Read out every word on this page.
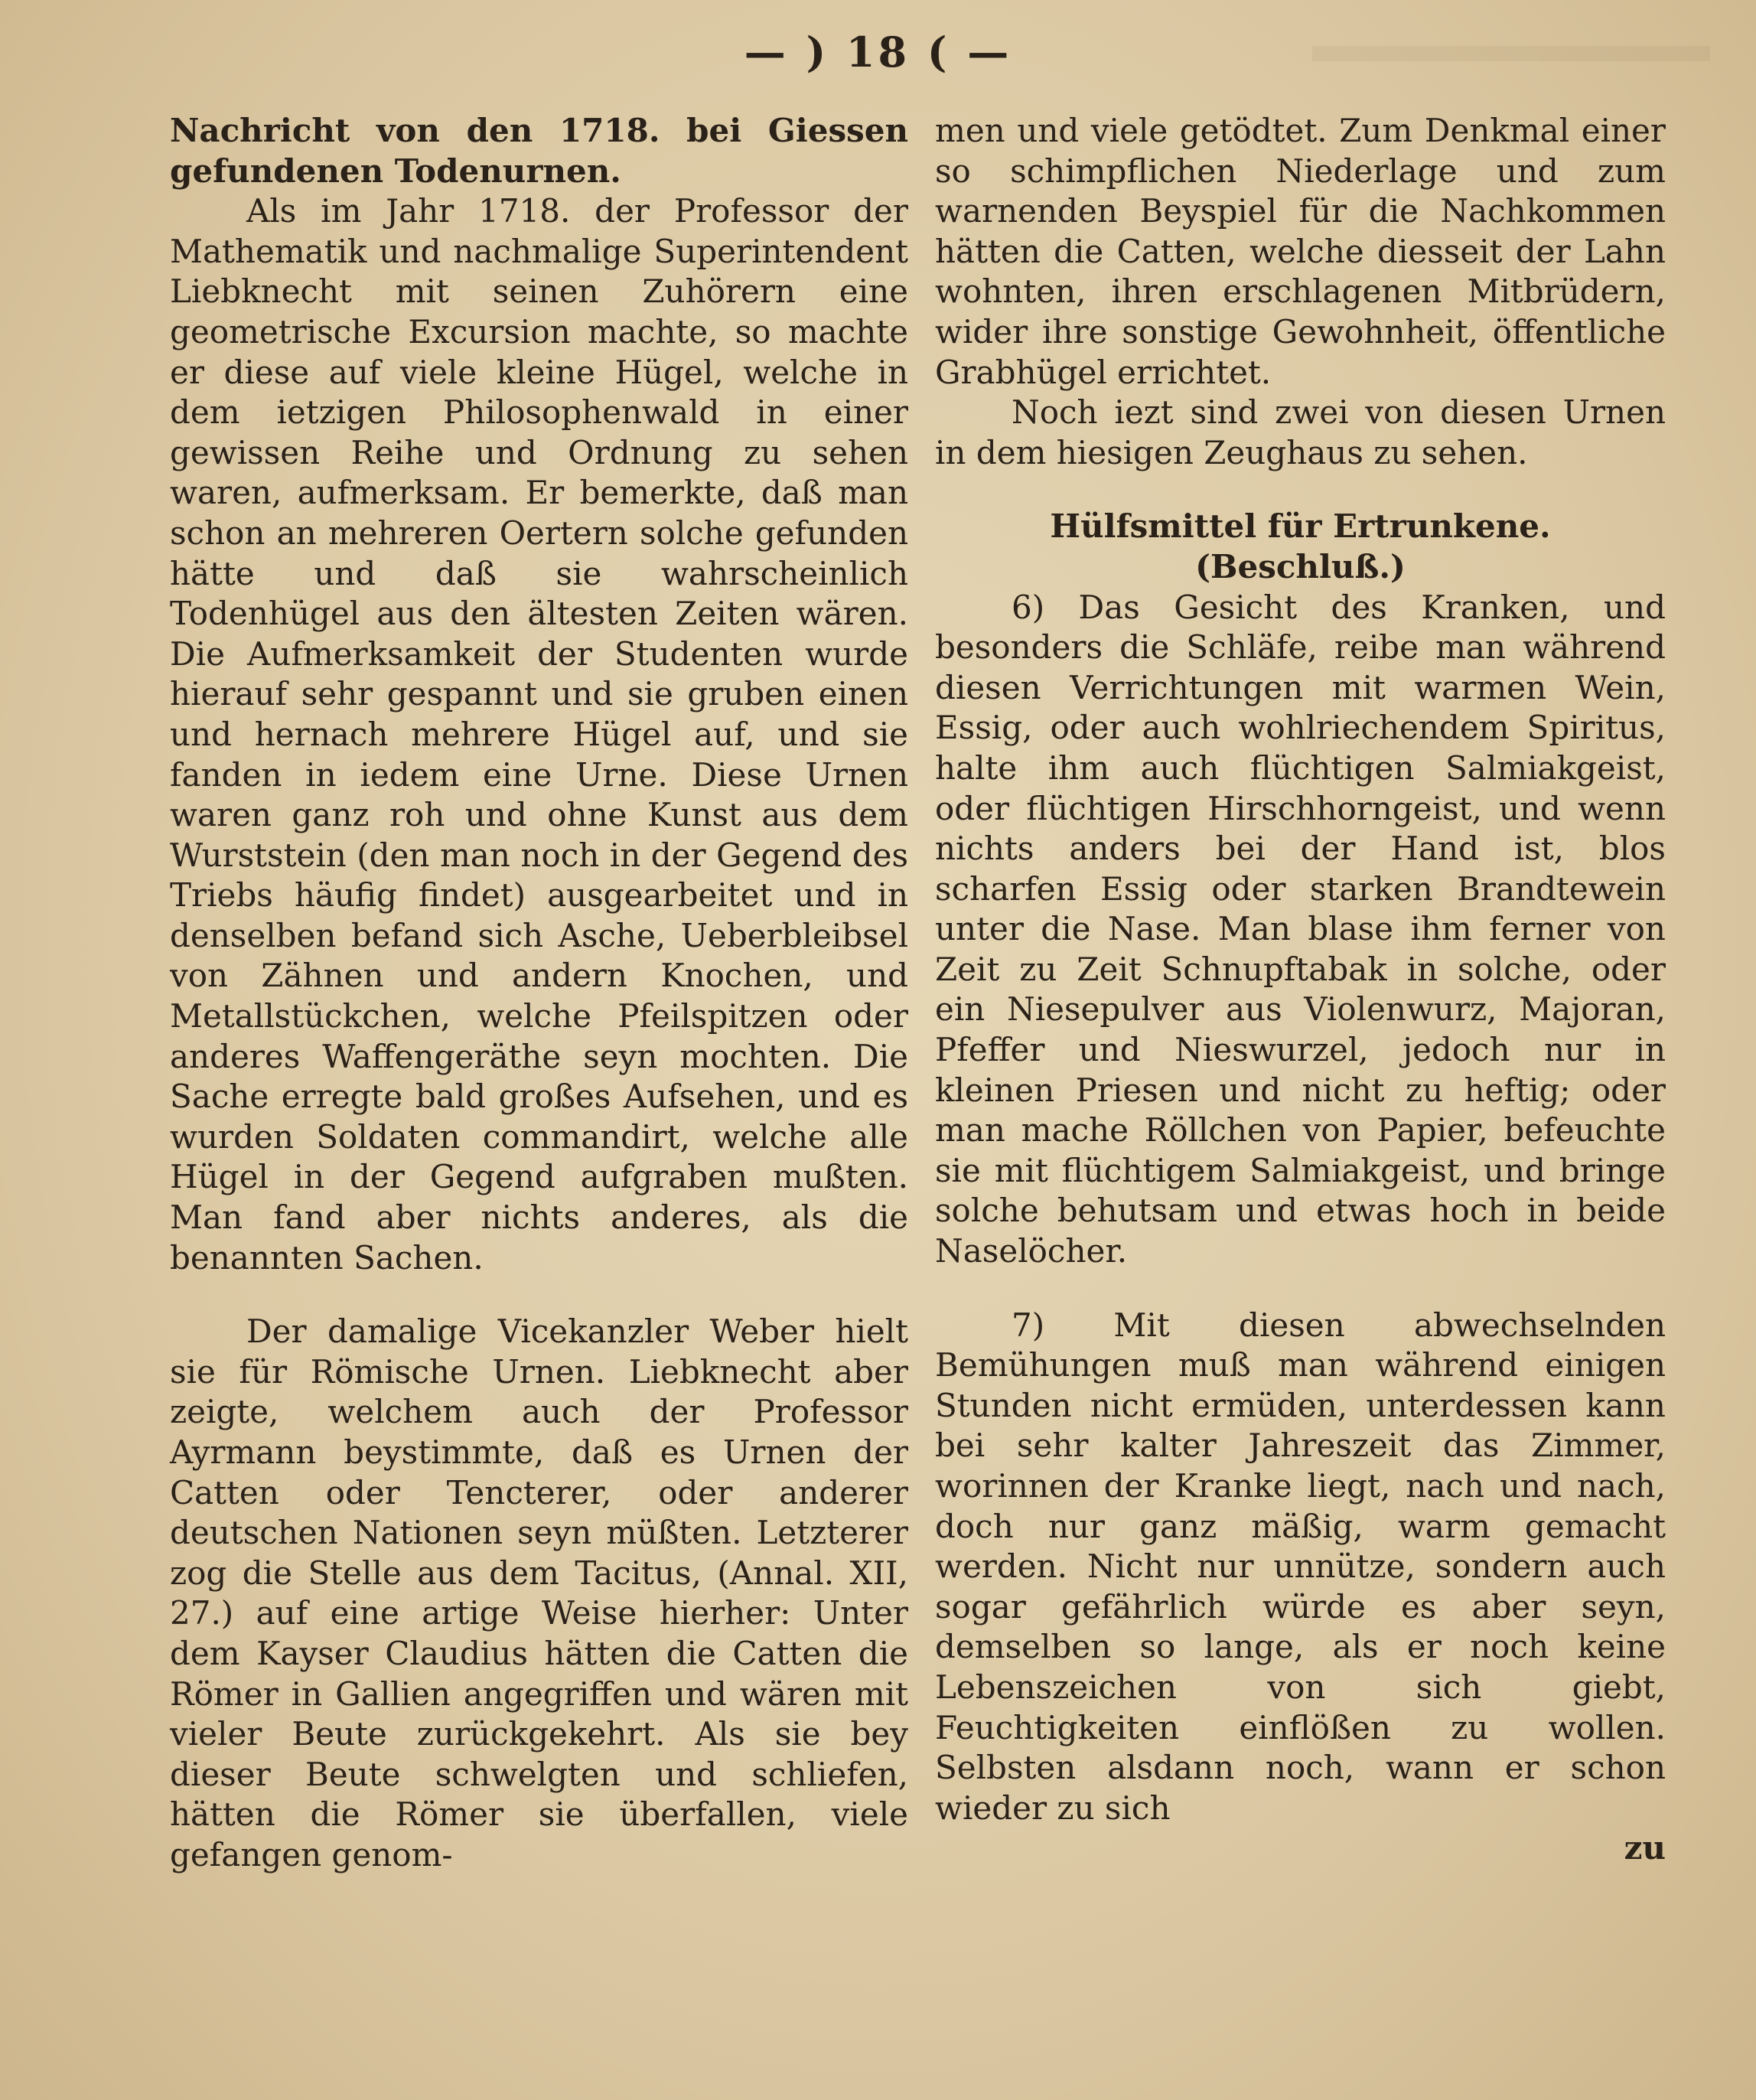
— ) 18 ( —

Nachricht von den 1718. bei Giessen gefundenen Todenurnen.

Als im Jahr 1718. der Professor der Mathematik und nachmalige Superintendent Liebknecht mit seinen Zuhörern eine geometrische Excursion machte, so machte er diese auf viele kleine Hügel, welche in dem ietzigen Philosophenwald in einer gewissen Reihe und Ordnung zu sehen waren, aufmerksam. Er bemerkte, daß man schon an mehreren Oertern solche gefunden hätte und daß sie wahrscheinlich Todenhügel aus den ältesten Zeiten wären. Die Aufmerksamkeit der Studenten wurde hierauf sehr gespannt und sie gruben einen und hernach mehrere Hügel auf, und sie fanden in iedem eine Urne. Diese Urnen waren ganz roh und ohne Kunst aus dem Wurststein (den man noch in der Gegend des Triebs häufig findet) ausgearbeitet und in denselben befand sich Asche, Ueberbleibsel von Zähnen und andern Knochen, und Metallstückchen, welche Pfeilspitzen oder anderes Waffengeräthe seyn mochten. Die Sache erregte bald großes Aufsehen, und es wurden Soldaten commandirt, welche alle Hügel in der Gegend aufgraben mußten. Man fand aber nichts anderes, als die benannten Sachen.

Der damalige Vicekanzler Weber hielt sie für Römische Urnen. Liebknecht aber zeigte, welchem auch der Professor Ayrmann beystimmte, daß es Urnen der Catten oder Tencterer, oder anderer deutschen Nationen seyn müßten. Letzterer zog die Stelle aus dem Tacitus, (Annal. XII, 27.) auf eine artige Weise hierher: Unter dem Kayser Claudius hätten die Catten die Römer in Gallien angegriffen und wären mit vieler Beute zurückgekehrt. Als sie bey dieser Beute schwelgten und schliefen, hätten die Römer sie überfallen, viele gefangen genom-

men und viele getödtet. Zum Denkmal einer so schimpflichen Niederlage und zum warnenden Beyspiel für die Nachkommen hätten die Catten, welche diesseit der Lahn wohnten, ihren erschlagenen Mitbrüdern, wider ihre sonstige Gewohnheit, öffentliche Grabhügel errichtet.

Noch iezt sind zwei von diesen Urnen in dem hiesigen Zeughaus zu sehen.

Hülfsmittel für Ertrunkene.

(Beschluß.)

6) Das Gesicht des Kranken, und besonders die Schläfe, reibe man während diesen Verrichtungen mit warmen Wein, Essig, oder auch wohlriechendem Spiritus, halte ihm auch flüchtigen Salmiakgeist, oder flüchtigen Hirschhorngeist, und wenn nichts anders bei der Hand ist, blos scharfen Essig oder starken Brandtewein unter die Nase. Man blase ihm ferner von Zeit zu Zeit Schnupftabak in solche, oder ein Niesepulver aus Violenwurz, Majoran, Pfeffer und Nieswurzel, jedoch nur in kleinen Priesen und nicht zu heftig; oder man mache Röllchen von Papier, befeuchte sie mit flüchtigem Salmiakgeist, und bringe solche behutsam und etwas hoch in beide Naselöcher.

7) Mit diesen abwechselnden Bemühungen muß man während einigen Stunden nicht ermüden, unterdessen kann bei sehr kalter Jahreszeit das Zimmer, worinnen der Kranke liegt, nach und nach, doch nur ganz mäßig, warm gemacht werden. Nicht nur unnütze, sondern auch sogar gefährlich würde es aber seyn, demselben so lange, als er noch keine Lebenszeichen von sich giebt, Feuchtigkeiten einflößen zu wollen. Selbsten alsdann noch, wann er schon wieder zu sich

zu
